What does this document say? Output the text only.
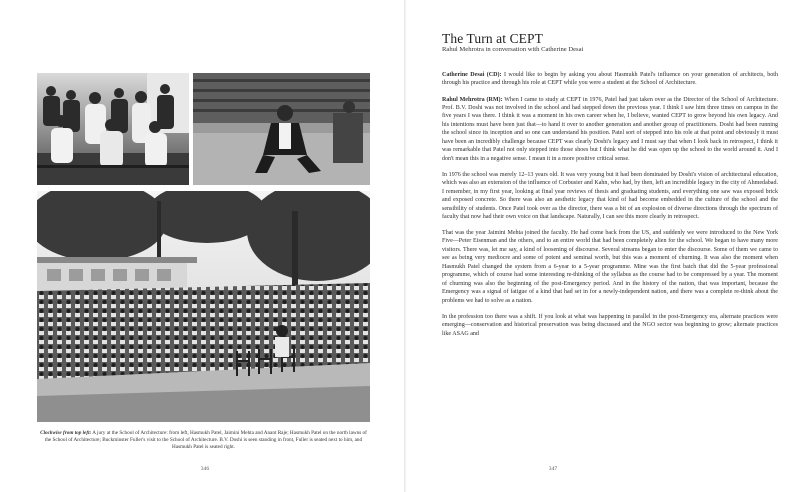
Clockwise from top left: A jury at the School of Architecture: from left, Hasmukh Patel, Jaimini Mehta and Anant Raje; Hasmukh Patel on the north lawns of the School of Architecture; Buckminster Fuller's visit to the School of Architecture. B.V. Doshi is seen standing in front, Fuller is seated next to him, and Hasmukh Patel is seated right.
346
The Turn at CEPT

Rahul Mehrotra in conversation with Catherine Desai

Catherine Desai (CD): I would like to begin by asking you about Hasmukh Patel's influence on your generation of architects, both through his practice and through his role at CEPT while you were a student at the School of Architecture.

Rahul Mehrotra (RM): When I came to study at CEPT in 1976, Patel had just taken over as the Director of the School of Architecture. Prof. B.V. Doshi was not involved in the school and had stepped down the previous year. I think I saw him three times on campus in the five years I was there. I think it was a moment in his own career when he, I believe, wanted CEPT to grow beyond his own legacy. And his intentions must have been just that—to hand it over to another generation and another group of practitioners. Doshi had been running the school since its inception and so one can understand his position. Patel sort of stepped into his role at that point and obviously it must have been an incredibly challenge because CEPT was clearly Doshi's legacy and I must say that when I look back in retrospect, I think it was remarkable that Patel not only stepped into those shoes but I think what he did was open up the school to the world around it. And I don't mean this in a negative sense. I mean it in a more positive critical sense.

In 1976 the school was merely 12–13 years old. It was very young but it had been dominated by Doshi's vision of architectural education, which was also an extension of the influence of Corbusier and Kahn, who had, by then, left an incredible legacy in the city of Ahmedabad. I remember, in my first year, looking at final year reviews of thesis and graduating students, and everything one saw was exposed brick and exposed concrete. So there was also an aesthetic legacy that kind of had become embedded in the culture of the school and the sensibility of students. Once Patel took over as the director, there was a bit of an explosion of diverse directions through the spectrum of faculty that now had their own voice on that landscape. Naturally, I can see this more clearly in retrospect.

That was the year Jaimini Mehta joined the faculty. He had come back from the US, and suddenly we were introduced to the New York Five—Peter Eisenman and the others, and to an entire world that had been completely alien for the school. We began to have many more visitors. There was, let me say, a kind of loosening of discourse. Several streams began to enter the discourse. Some of them we came to see as being very mediocre and some of potent and seminal worth, but this was a moment of churning. It was also the moment when Hasmukh Patel changed the system from a 6-year to a 5-year programme. Mine was the first batch that did the 5-year professional programme, which of course had some interesting re-thinking of the syllabus as the course had to be compressed by a year. The moment of churning was also the beginning of the post-Emergency period. And in the history of the nation, that was important, because the Emergency was a signal of fatigue of a kind that had set in for a newly-independent nation, and there was a complete re-think about the problems we had to solve as a nation.

In the profession too there was a shift. If you look at what was happening in parallel in the post-Emergency era, alternate practices were emerging—conservation and historical preservation was being discussed and the NGO sector was beginning to grow; alternate practices like ASAG and

347
